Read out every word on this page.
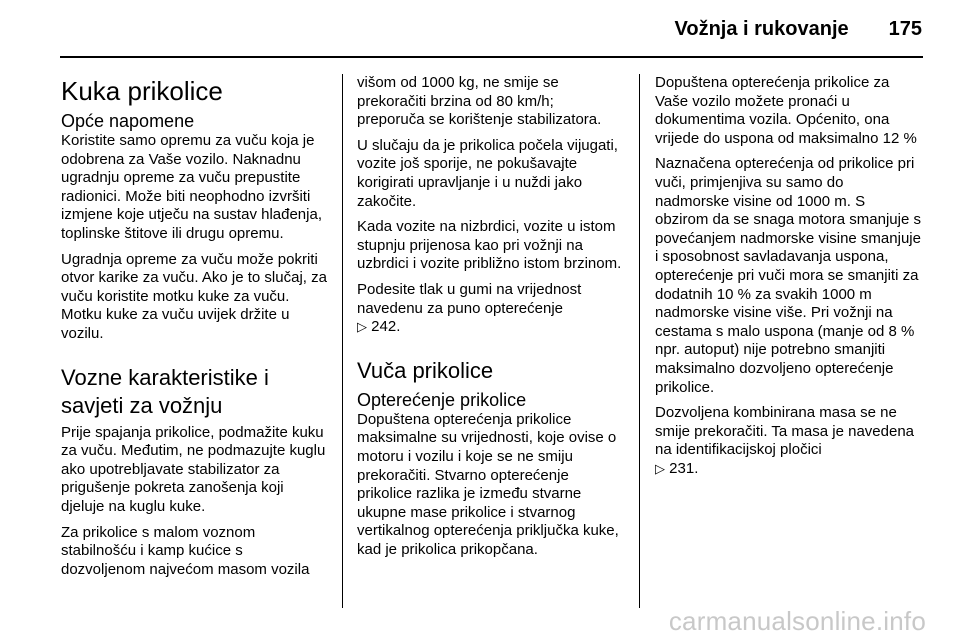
Vožnja i rukovanje 175
Kuka prikolice
Opće napomene

Koristite samo opremu za vuču koja je odobrena za Vaše vozilo. Naknadnu ugradnju opreme za vuču prepustite radionici. Može biti neophodno izvršiti izmjene koje utječu na sustav hlađenja, toplinske štitove ili drugu opremu.

Ugradnja opreme za vuču može pokriti otvor karike za vuču. Ako je to slučaj, za vuču koristite motku kuke za vuču. Motku kuke za vuču uvijek držite u vozilu.

Vozne karakteristike i savjeti za vožnju

Prije spajanja prikolice, podmažite kuku za vuču. Međutim, ne podmazujte kuglu ako upotrebljavate stabilizator za prigušenje pokreta zanošenja koji djeluje na kuglu kuke.

Za prikolice s malom voznom stabilnošću i kamp kućice s dozvoljenom najvećom masom vozila

višom od 1000 kg, ne smije se prekoračiti brzina od 80 km/h; preporuča se korištenje stabilizatora.

U slučaju da je prikolica počela vijugati, vozite još sporije, ne pokušavajte korigirati upravljanje i u nuždi jako zakočite.

Kada vozite na nizbrdici, vozite u istom stupnju prijenosa kao pri vožnji na uzbrdici i vozite približno istom brzinom.

Podesite tlak u gumi na vrijednost navedenu za puno opterećenje
▷ 242.

Vuča prikolice
Opterećenje prikolice

Dopuštena opterećenja prikolice maksimalne su vrijednosti, koje ovise o motoru i vozilu i koje se ne smiju prekoračiti. Stvarno opterećenje prikolice razlika je između stvarne ukupne mase prikolice i stvarnog vertikalnog opterećenja priključka kuke, kad je prikolica prikopčana.

Dopuštena opterećenja prikolice za Vaše vozilo možete pronaći u dokumentima vozila. Općenito, ona vrijede do uspona od maksimalno 12 %

Naznačena opterećenja od prikolice pri vuči, primjenjiva su samo do nadmorske visine od 1000 m. S obzirom da se snaga motora smanjuje s povećanjem nadmorske visine smanjuje i sposobnost savladavanja uspona, opterećenje pri vuči mora se smanjiti za dodatnih 10 % za svakih 1000 m nadmorske visine više. Pri vožnji na cestama s malo uspona (manje od 8 % npr. autoput) nije potrebno smanjiti maksimalno dozvoljeno opterećenje prikolice.

Dozvoljena kombinirana masa se ne smije prekoračiti. Ta masa je navedena na identifikacijskoj pločici
▷ 231.

carmanualsonline.info
